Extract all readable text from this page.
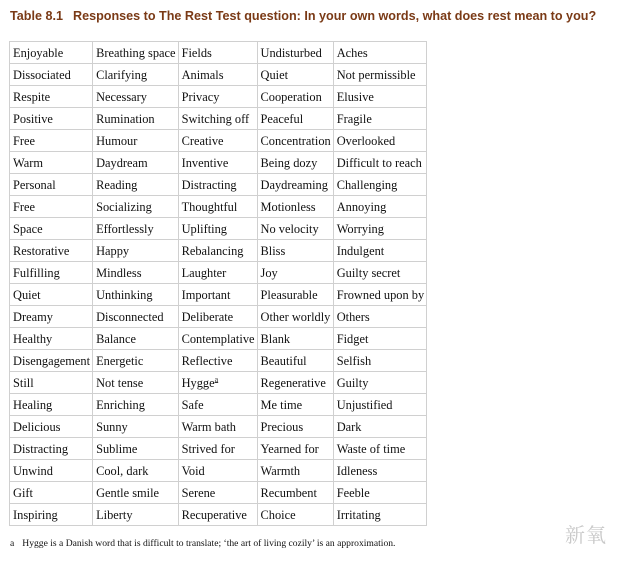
Table 8.1 Responses to The Rest Test question: In your own words, what does rest mean to you?
Enjoyable	Breathing space	Fields	Undisturbed	Aches
Dissociated	Clarifying	Animals	Quiet	Not permissible
Respite	Necessary	Privacy	Cooperation	Elusive
Positive	Rumination	Switching off	Peaceful	Fragile
Free	Humour	Creative	Concentration	Overlooked
Warm	Daydream	Inventive	Being dozy	Difficult to reach
Personal	Reading	Distracting	Daydreaming	Challenging
Free	Socializing	Thoughtful	Motionless	Annoying
Space	Effortlessly	Uplifting	No velocity	Worrying
Restorative	Happy	Rebalancing	Bliss	Indulgent
Fulfilling	Mindless	Laughter	Joy	Guilty secret
Quiet	Unthinking	Important	Pleasurable	Frowned upon by
Dreamy	Disconnected	Deliberate	Other worldly	Others
Healthy	Balance	Contemplative	Blank	Fidget
Disengagement	Energetic	Reflective	Beautiful	Selfish
Still	Not tense	Hygge$^a$	Regenerative	Guilty
Healing	Enriching	Safe	Me time	Unjustified
Delicious	Sunny	Warm bath	Precious	Dark
Distracting	Sublime	Strived for	Yearned for	Waste of time
Unwind	Cool, dark	Void	Warmth	Idleness
Gift	Gentle smile	Serene	Recumbent	Feeble
Inspiring	Liberty	Recuperative	Choice	Irritating
a Hygge is a Danish word that is difficult to translate; ‘the art of living cozily’ is an approximation.	新氧
